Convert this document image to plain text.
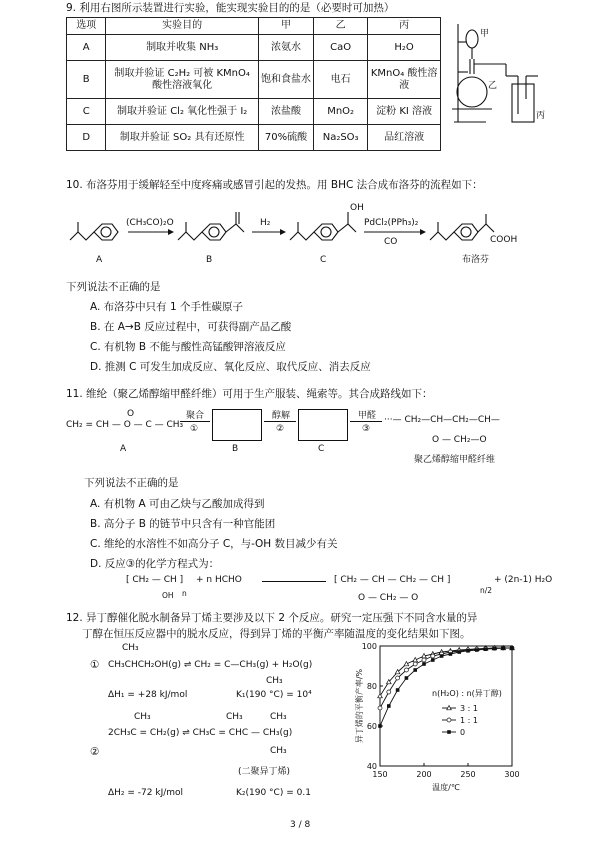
9. 利用右图所示装置进行实验，能实现实验目的的是（必要时可加热）
选项	实验目的	甲	乙	丙
A	制取并收集 NH₃	浓氨水	CaO	H₂O
B	制取并验证 C₂H₂ 可被 KMnO₄ 酸性溶液氧化	饱和食盐水	电石	KMnO₄ 酸性溶液
C	制取并验证 Cl₂ 氧化性强于 I₂	浓盐酸	MnO₂	淀粉 KI 溶液
D	制取并验证 SO₂ 具有还原性	70%硫酸	Na₂SO₃	品红溶液
甲
乙
丙
10. 布洛芬用于缓解轻至中度疼痛或感冒引起的发热。用 BHC 法合成布洛芬的流程如下：
A
(CH₃CO)₂O
B
H₂
OH
C
PdCl₂(PPh₃)₂
CO	COOH
布洛芬
下列说法不正确的是
A. 布洛芬中只有 1 个手性碳原子
B. 在 A→B 反应过程中，可获得副产品乙酸
C. 有机物 B 不能与酸性高锰酸钾溶液反应
D. 推测 C 可发生加成反应、氧化反应、取代反应、消去反应
11. 维纶（聚乙烯醇缩甲醛纤维）可用于生产服装、绳索等。其合成路线如下：
CH₂ = CH — O — C — CH₃
O
A
聚合
①
B
醇解
②
C
甲醛
③
···— CH₂—CH—CH₂—CH—
O — CH₂—O
聚乙烯醇缩甲醛纤维
下列说法不正确的是
A. 有机物 A 可由乙炔与乙酸加成得到
B. 高分子 B 的链节中只含有一种官能团
C. 维纶的水溶性不如高分子 C，与-OH 数目减少有关
D. 反应③的化学方程式为：
[ CH₂ — CH ]
n
OH
+ n HCHO	[ CH₂ — CH — CH₂ — CH ]
n/2
O — CH₂ — O
+ (2n-1) H₂O
12. 异丁醇催化脱水制备异丁烯主要涉及以下 2 个反应。研究一定压强下不同含水量的异
丁醇在恒压反应器中的脱水反应，得到异丁烯的平衡产率随温度的变化结果如下图。
①
CH₃
CH₃CHCH₂OH(g) ⇌ CH₂ = C—CH₃(g) + H₂O(g)
CH₃
ΔH₁ = +28 kJ/mol	K₁(190 °C) = 10⁴
CH₃	CH₃	CH₃
2CH₃C = CH₂(g) ⇌ CH₃C = CHC — CH₃(g)
②	CH₃
(二聚异丁烯)
ΔH₂ = -72 kJ/mol	K₂(190 °C) = 0.1
150	200	250	300
40
60
80
100
温度/℃
异丁烯的平衡产率/%	3 : 1
1 : 1
0
n(H₂O) : n(异丁醇)
3 / 8
